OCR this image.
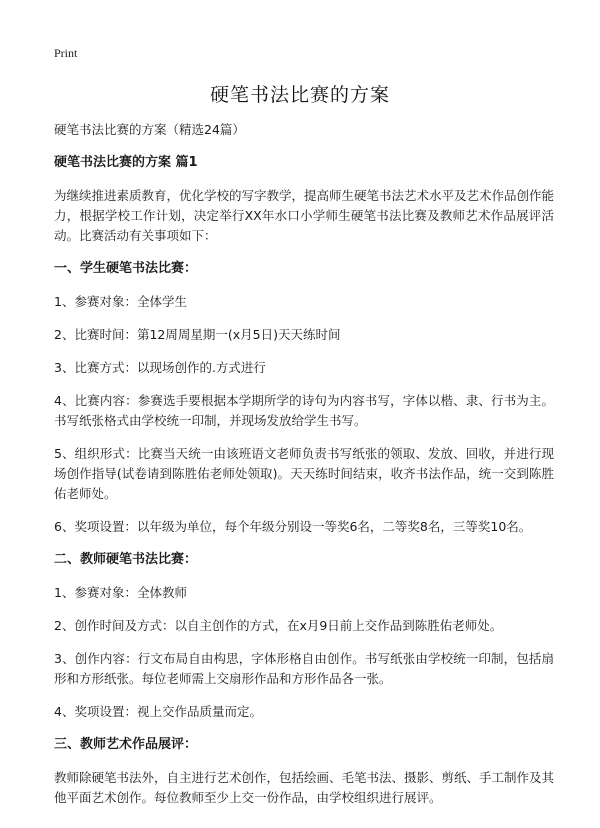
Print
硬笔书法比赛的方案

硬笔书法比赛的方案（精选24篇）

硬笔书法比赛的方案 篇1

为继续推进素质教育，优化学校的写字教学，提高师生硬笔书法艺术水平及艺术作品创作能力，根据学校工作计划，决定举行XX年水口小学师生硬笔书法比赛及教师艺术作品展评活动。比赛活动有关事项如下：

一、学生硬笔书法比赛：

1、参赛对象：全体学生

2、比赛时间：第12周周星期一(x月5日)天天练时间

3、比赛方式：以现场创作的.方式进行

4、比赛内容：参赛选手要根据本学期所学的诗句为内容书写，字体以楷、隶、行书为主。书写纸张格式由学校统一印制，并现场发放给学生书写。

5、组织形式：比赛当天统一由该班语文老师负责书写纸张的领取、发放、回收，并进行现场创作指导(试卷请到陈胜佑老师处领取)。天天练时间结束，收齐书法作品，统一交到陈胜佑老师处。

6、奖项设置：以年级为单位，每个年级分别设一等奖6名，二等奖8名，三等奖10名。

二、教师硬笔书法比赛：

1、参赛对象：全体教师

2、创作时间及方式：以自主创作的方式，在x月9日前上交作品到陈胜佑老师处。

3、创作内容：行文布局自由构思，字体形格自由创作。书写纸张由学校统一印制，包括扇形和方形纸张。每位老师需上交扇形作品和方形作品各一张。

4、奖项设置：视上交作品质量而定。

三、教师艺术作品展评：

教师除硬笔书法外，自主进行艺术创作，包括绘画、毛笔书法、摄影、剪纸、手工制作及其他平面艺术创作。每位教师至少上交一份作品，由学校组织进行展评。
